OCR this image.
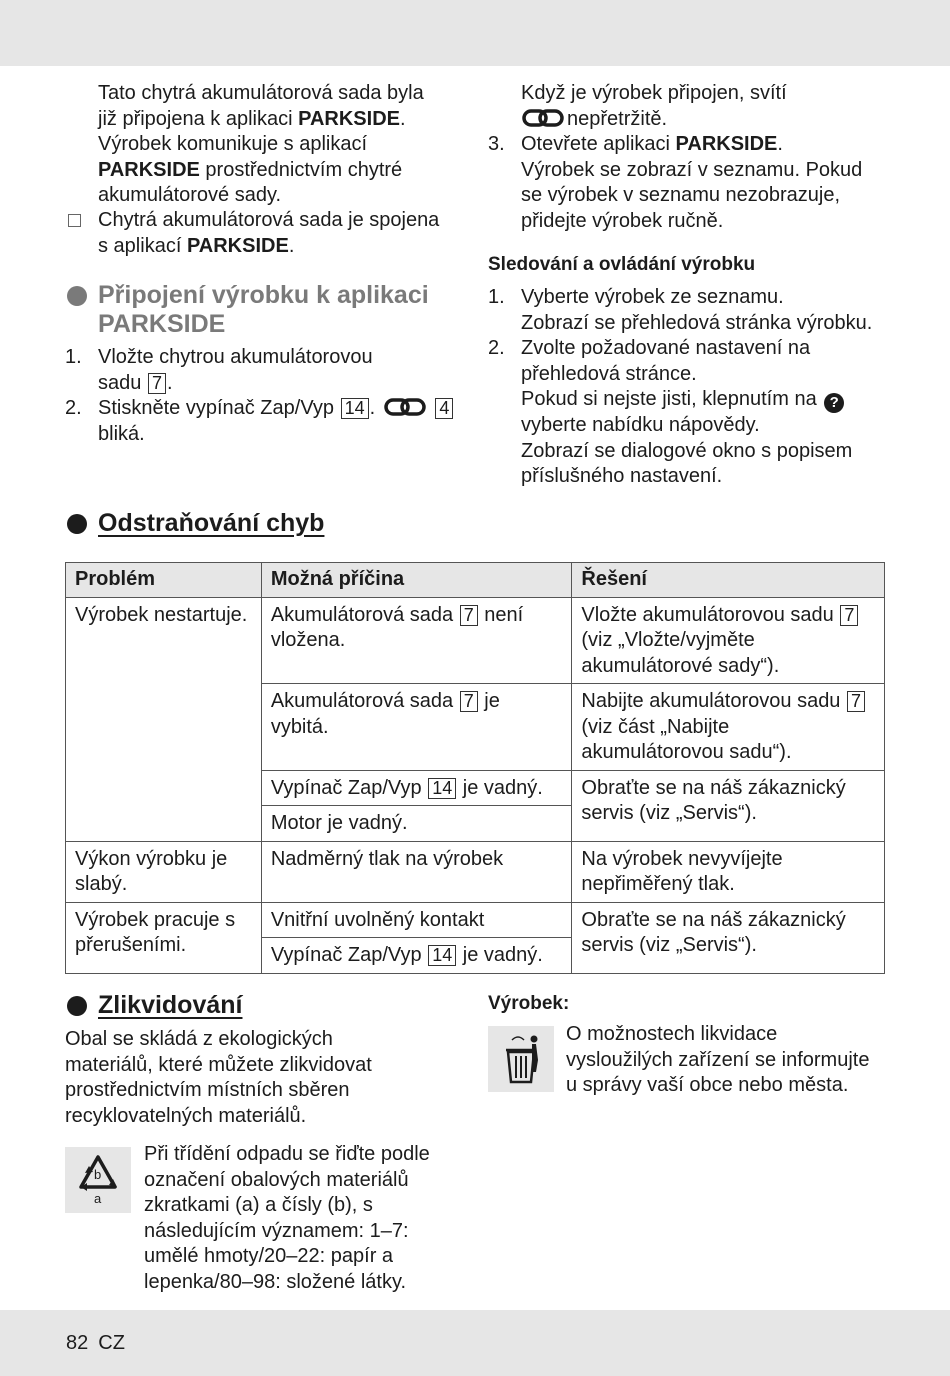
Tato chytrá akumulátorová sada byla
již připojena k aplikaci PARKSIDE.
Výrobek komunikuje s aplikací
PARKSIDE prostřednictvím chytré
akumulátorové sady.
Chytrá akumulátorová sada je spojena
s aplikací PARKSIDE.
Připojení výrobku k aplikaci
PARKSIDE
1. Vložte chytrou akumulátorovou
sadu 7 .
2. Stiskněte vypínač Zap/Vyp 14 .	4
bliká.
Když je výrobek připojen, svítí
nepřetržitě.
3. Otevřete aplikaci PARKSIDE.
Výrobek se zobrazí v seznamu. Pokud
se výrobek v seznamu nezobrazuje,
přidejte výrobek ručně.
Sledování a ovládání výrobku
1. Vyberte výrobek ze seznamu.
Zobrazí se přehledová stránka výrobku.
2. Zvolte požadované nastavení na
přehledová stránce.
Pokud si nejste jisti, klepnutím na ?
vyberte nabídku nápovědy.
Zobrazí se dialogové okno s popisem
příslušného nastavení.
Odstraňování chyb
Problém	Možná příčina	Řešení
Výrobek nestartuje.	Akumulátorová sada 7 není vložena.	Vložte akumulátorovou sadu 7 (viz „Vložte/vyjměte akumulátorové sady“).
	Akumulátorová sada 7 je vybitá.	Nabijte akumulátorovou sadu 7 (viz část „Nabijte akumulátorovou sadu“).
	Vypínač Zap/Vyp 14 je vadný.	Obraťte se na náš zákaznický servis (viz „Servis“).
	Motor je vadný.	
Výkon výrobku je slabý.	Nadměrný tlak na výrobek	Na výrobek nevyvíjejte nepřiměřený tlak.
Výrobek pracuje s přerušeními.	Vnitřní uvolněný kontakt	Obraťte se na náš zákaznický servis (viz „Servis“).
	Vypínač Zap/Vyp 14 je vadný.	
Zlikvidování
Obal se skládá z ekologických
materiálů, které můžete zlikvidovat
prostřednictvím místních sběren
recyklovatelných materiálů.
b
a
Při třídění odpadu se řiďte podle
označení obalových materiálů
zkratkami (a) a čísly (b), s
následujícím významem: 1–7:
umělé hmoty/20–22: papír a
lepenka/80–98: složené látky.
Výrobek:
O možnostech likvidace
vysloužilých zařízení se informujte
u správy vaší obce nebo města.
82 CZ
